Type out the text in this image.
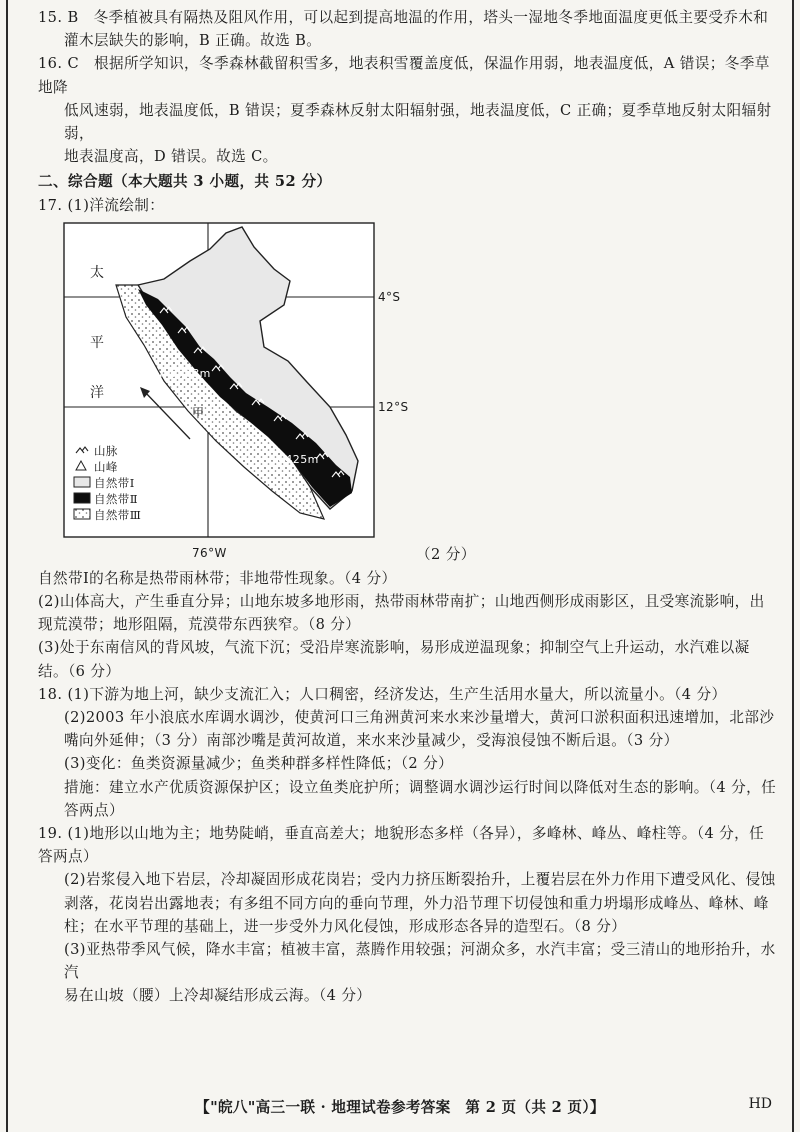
15. B　冬季植被具有隔热及阻风作用，可以起到提高地温的作用，塔头一湿地冬季地面温度更低主要受乔木和

灌木层缺失的影响，B 正确。故选 B。

16. C　根据所学知识，冬季森林截留积雪多，地表积雪覆盖度低，保温作用弱，地表温度低，A 错误；冬季草地降

低风速弱，地表温度低，B 错误；夏季森林反射太阳辐射强，地表温度低，C 正确；夏季草地反射太阳辐射弱，

地表温度高，D 错误。故选 C。

二、综合题（本大题共 3 小题，共 52 分）

17. (1)洋流绘制：

太
平
洋
4°S
12°S
76°W
6768m
6425m
甲
山脉
山峰
自然带Ⅰ
自然带Ⅱ
自然带Ⅲ
（2 分）

自然带Ⅰ的名称是热带雨林带；非地带性现象。（4 分）

(2)山体高大，产生垂直分异；山地东坡多地形雨，热带雨林带南扩；山地西侧形成雨影区，且受寒流影响，出

现荒漠带；地形阻隔，荒漠带东西狭窄。（8 分）

(3)处于东南信风的背风坡，气流下沉；受沿岸寒流影响，易形成逆温现象；抑制空气上升运动，水汽难以凝

结。（6 分）

18. (1)下游为地上河，缺少支流汇入；人口稠密，经济发达，生产生活用水量大，所以流量小。（4 分）

(2)2003 年小浪底水库调水调沙，使黄河口三角洲黄河来水来沙量增大，黄河口淤积面积迅速增加，北部沙

嘴向外延伸；（3 分）南部沙嘴是黄河故道，来水来沙量减少，受海浪侵蚀不断后退。（3 分）

(3)变化：鱼类资源量减少；鱼类种群多样性降低；（2 分）

措施：建立水产优质资源保护区；设立鱼类庇护所；调整调水调沙运行时间以降低对生态的影响。（4 分，任

答两点）

19. (1)地形以山地为主；地势陡峭，垂直高差大；地貌形态多样（各异），多峰林、峰丛、峰柱等。（4 分，任答两点）

(2)岩浆侵入地下岩层，冷却凝固形成花岗岩；受内力挤压断裂抬升，上覆岩层在外力作用下遭受风化、侵蚀

剥落，花岗岩出露地表；有多组不同方向的垂向节理，外力沿节理下切侵蚀和重力坍塌形成峰丛、峰林、峰

柱；在水平节理的基础上，进一步受外力风化侵蚀，形成形态各异的造型石。（8 分）

(3)亚热带季风气候，降水丰富；植被丰富，蒸腾作用较强；河湖众多，水汽丰富；受三清山的地形抬升，水汽

易在山坡（腰）上冷却凝结形成云海。（4 分）

【"皖八"高三一联 · 地理试卷参考答案　第 2 页（共 2 页）】	HD
